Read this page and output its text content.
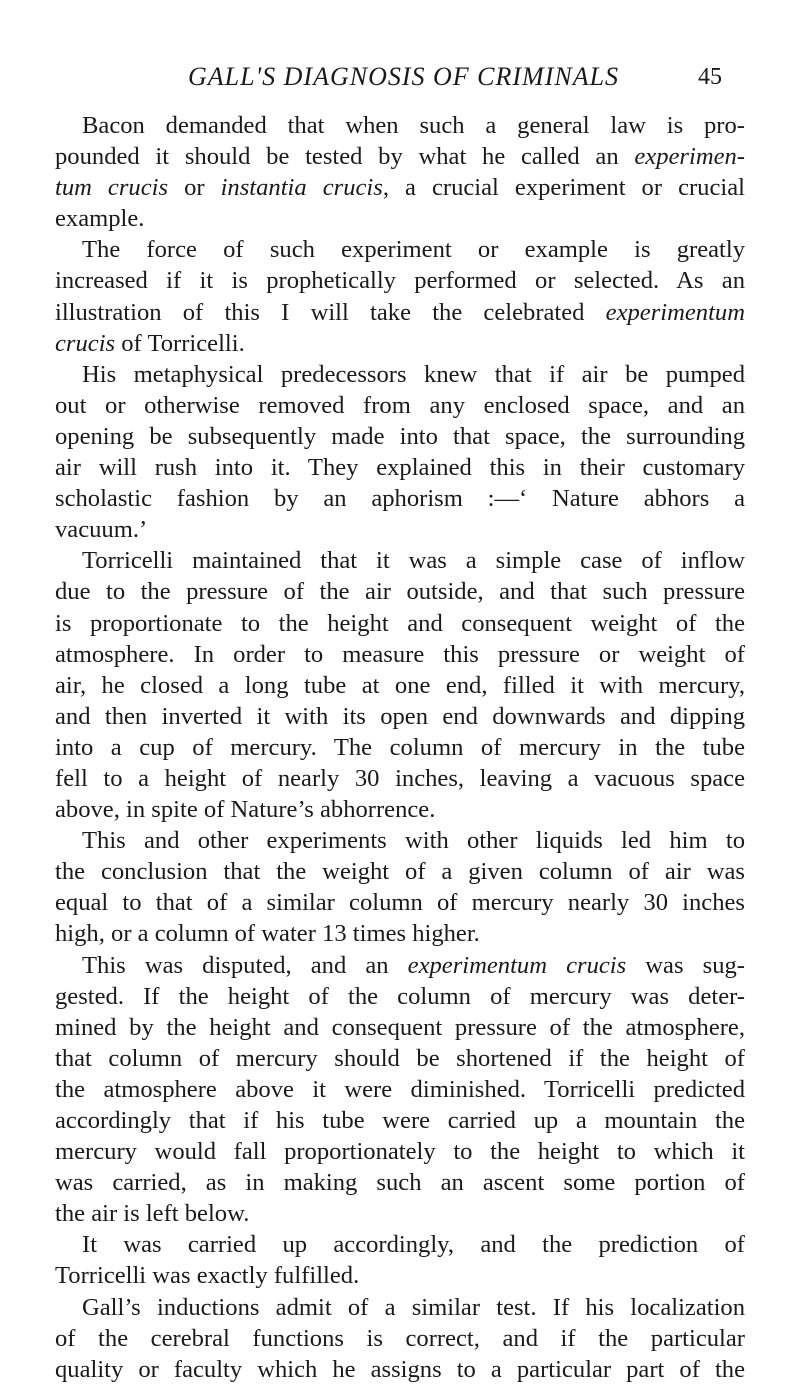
GALL'S DIAGNOSIS OF CRIMINALS	45
Bacon demanded that when such a general law is pro-
pounded it should be tested by what he called an experimen-
tum crucis or instantia crucis, a crucial experiment or crucial
example.
The force of such experiment or example is greatly
increased if it is prophetically performed or selected. As an
illustration of this I will take the celebrated experimentum
crucis of Torricelli.
His metaphysical predecessors knew that if air be pumped
out or otherwise removed from any enclosed space, and an
opening be subsequently made into that space, the surrounding
air will rush into it. They explained this in their customary
scholastic fashion by an aphorism :—‘ Nature abhors a
vacuum.’
Torricelli maintained that it was a simple case of inflow
due to the pressure of the air outside, and that such pressure
is proportionate to the height and consequent weight of the
atmosphere. In order to measure this pressure or weight of
air, he closed a long tube at one end, filled it with mercury,
and then inverted it with its open end downwards and dipping
into a cup of mercury. The column of mercury in the tube
fell to a height of nearly 30 inches, leaving a vacuous space
above, in spite of Nature’s abhorrence.
This and other experiments with other liquids led him to
the conclusion that the weight of a given column of air was
equal to that of a similar column of mercury nearly 30 inches
high, or a column of water 13 times higher.
This was disputed, and an experimentum crucis was sug-
gested. If the height of the column of mercury was deter-
mined by the height and consequent pressure of the atmosphere,
that column of mercury should be shortened if the height of
the atmosphere above it were diminished. Torricelli predicted
accordingly that if his tube were carried up a mountain the
mercury would fall proportionately to the height to which it
was carried, as in making such an ascent some portion of
the air is left below.
It was carried up accordingly, and the prediction of
Torricelli was exactly fulfilled.
Gall’s inductions admit of a similar test. If his localization
of the cerebral functions is correct, and if the particular
quality or faculty which he assigns to a particular part of the
